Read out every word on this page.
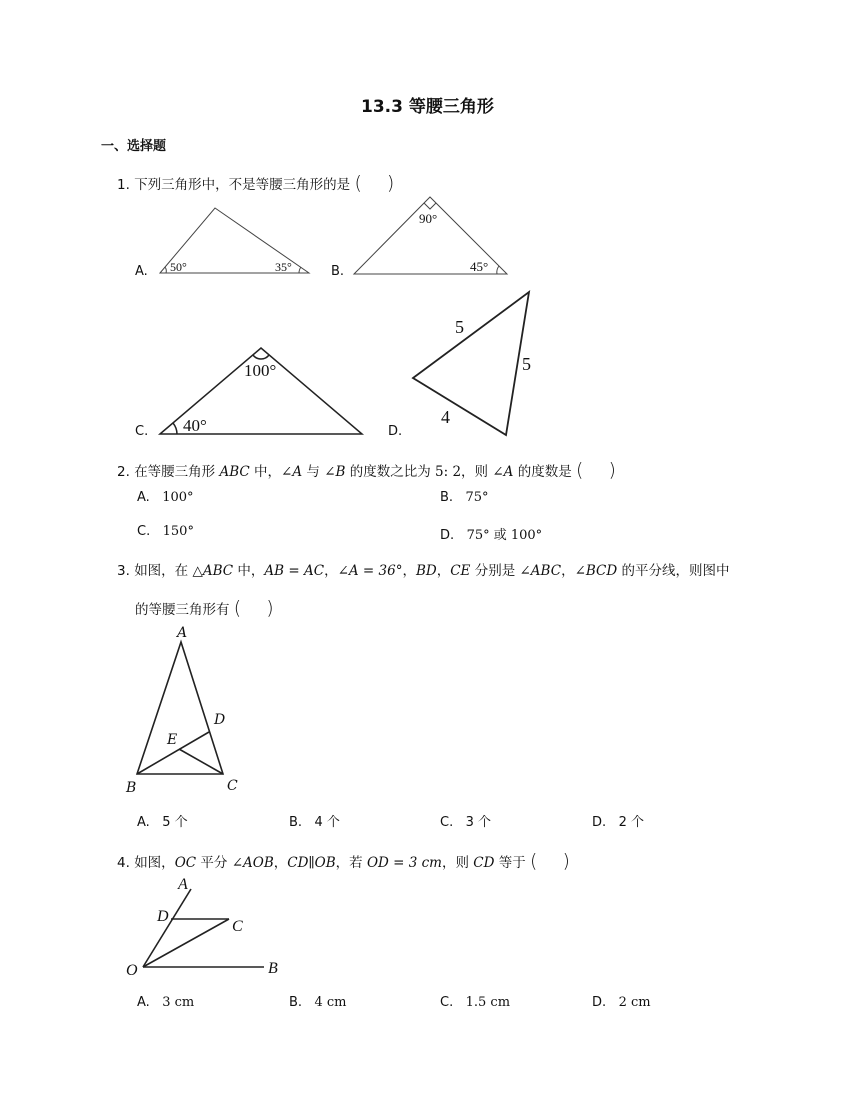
13.3 等腰三角形
一、选择题
1. 下列三角形中，不是等腰三角形的是 (　 )
A.	B.
C.	D.
50°	35°
90°
45°
100°
40°
5
5
4
A
B	C
D
E
A
D
C
O	B
2. 在等腰三角形 ABC 中，∠A 与 ∠B 的度数之比为 5: 2，则 ∠A 的度数是 (　 )
A. 100°	B. 75°
C. 150°	D. 75° 或 100°
3. 如图，在 △ABC 中，AB = AC，∠A = 36°，BD，CE 分别是 ∠ABC，∠BCD 的平分线，则图中
的等腰三角形有 (　 )
A. 5 个	B. 4 个	C. 3 个	D. 2 个
4. 如图，OC 平分 ∠AOB，CD∥OB，若 OD = 3 cm，则 CD 等于 (　 )
A. 3 cm	B. 4 cm	C. 1.5 cm	D. 2 cm
